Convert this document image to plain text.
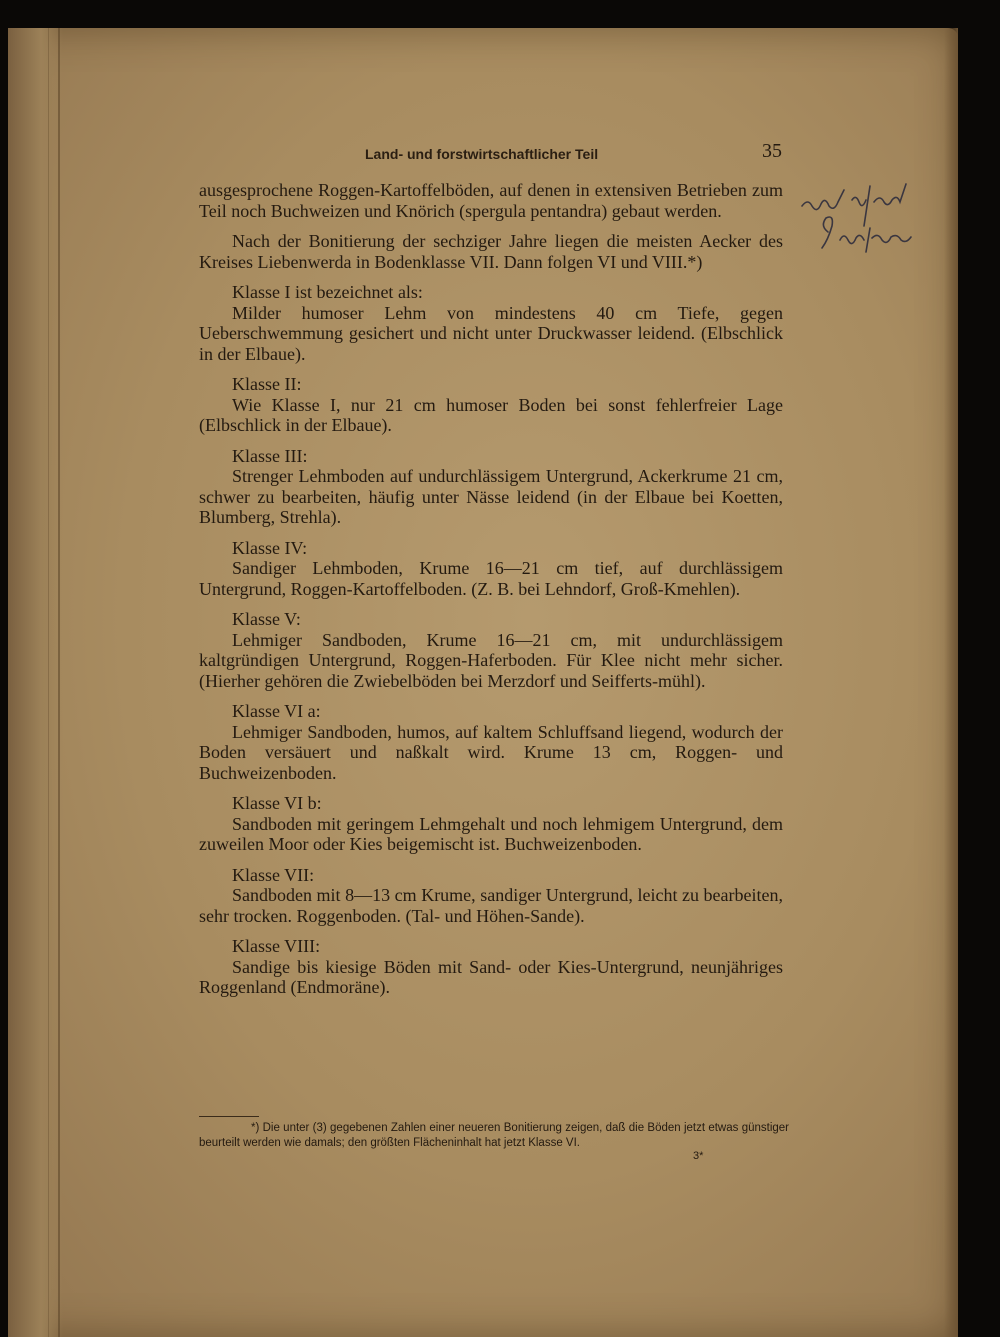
Land- und forstwirtschaftlicher Teil	35

ausgesprochene Roggen-Kartoffelböden, auf denen in extensiven Betrieben zum Teil noch Buchweizen und Knörich (spergula pentandra) gebaut werden.

Nach der Bonitierung der sechziger Jahre liegen die meisten Aecker des Kreises Liebenwerda in Bodenklasse VII. Dann folgen VI und VIII.*)

Klasse I ist bezeichnet als:

Milder humoser Lehm von mindestens 40 cm Tiefe, gegen Ueberschwemmung gesichert und nicht unter Druckwasser leidend. (Elbschlick in der Elbaue).

Klasse II:

Wie Klasse I, nur 21 cm humoser Boden bei sonst fehlerfreier Lage (Elbschlick in der Elbaue).

Klasse III:

Strenger Lehmboden auf undurchlässigem Untergrund, Ackerkrume 21 cm, schwer zu bearbeiten, häufig unter Nässe leidend (in der Elbaue bei Koetten, Blumberg, Strehla).

Klasse IV:

Sandiger Lehmboden, Krume 16—21 cm tief, auf durchlässigem Untergrund, Roggen-Kartoffelboden. (Z. B. bei Lehndorf, Groß-Kmehlen).

Klasse V:

Lehmiger Sandboden, Krume 16—21 cm, mit undurchlässigem kaltgründigen Untergrund, Roggen-Haferboden. Für Klee nicht mehr sicher. (Hierher gehören die Zwiebelböden bei Merzdorf und Seifferts-mühl).

Klasse VI a:

Lehmiger Sandboden, humos, auf kaltem Schluffsand liegend, wodurch der Boden versäuert und naßkalt wird. Krume 13 cm, Roggen- und Buchweizenboden.

Klasse VI b:

Sandboden mit geringem Lehmgehalt und noch lehmigem Untergrund, dem zuweilen Moor oder Kies beigemischt ist. Buchweizenboden.

Klasse VII:

Sandboden mit 8—13 cm Krume, sandiger Untergrund, leicht zu bearbeiten, sehr trocken. Roggenboden. (Tal- und Höhen-Sande).

Klasse VIII:

Sandige bis kiesige Böden mit Sand- oder Kies-Untergrund, neunjähriges Roggenland (Endmoräne).

*) Die unter (3) gegebenen Zahlen einer neueren Bonitierung zeigen, daß die Böden jetzt etwas günstiger beurteilt werden wie damals; den größten Flächeninhalt hat jetzt Klasse VI.

3*
